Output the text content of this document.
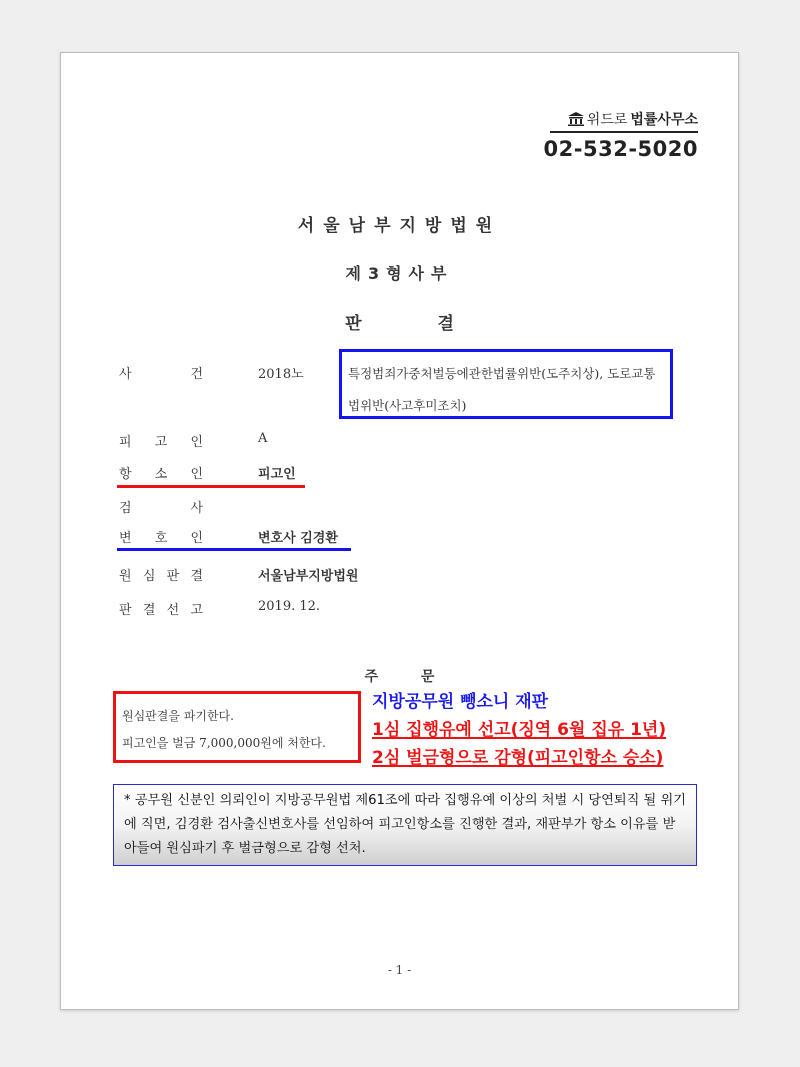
위드로 법률사무소
02-532-5020
서울남부지방법원
제3형사부
판 결
사	건	2018노	특정범죄가중처벌등에관한법률위반(도주치상), 도로교통법위반(사고후미조치)
피 고 인	A
항 소 인	피고인
검	사
변 호 인	변호사 김경환
원 심 판 결	서울남부지방법원
판 결 선 고	2019. 12.
주 문
원심판결을 파기한다.
피고인을 벌금 7,000,000원에 처한다.
지방공무원 뺑소니 재판
1심 집행유예 선고(징역 6월 집유 1년)
2심 벌금형으로 감형(피고인항소 승소)
* 공무원 신분인 의뢰인이 지방공무원법 제61조에 따라 집행유예 이상의 처벌 시 당연퇴직 될 위기에 직면, 김경환 검사출신변호사를 선임하여 피고인항소를 진행한 결과, 재판부가 항소 이유를 받아들여 원심파기 후 벌금형으로 감형 선처.
- 1 -
